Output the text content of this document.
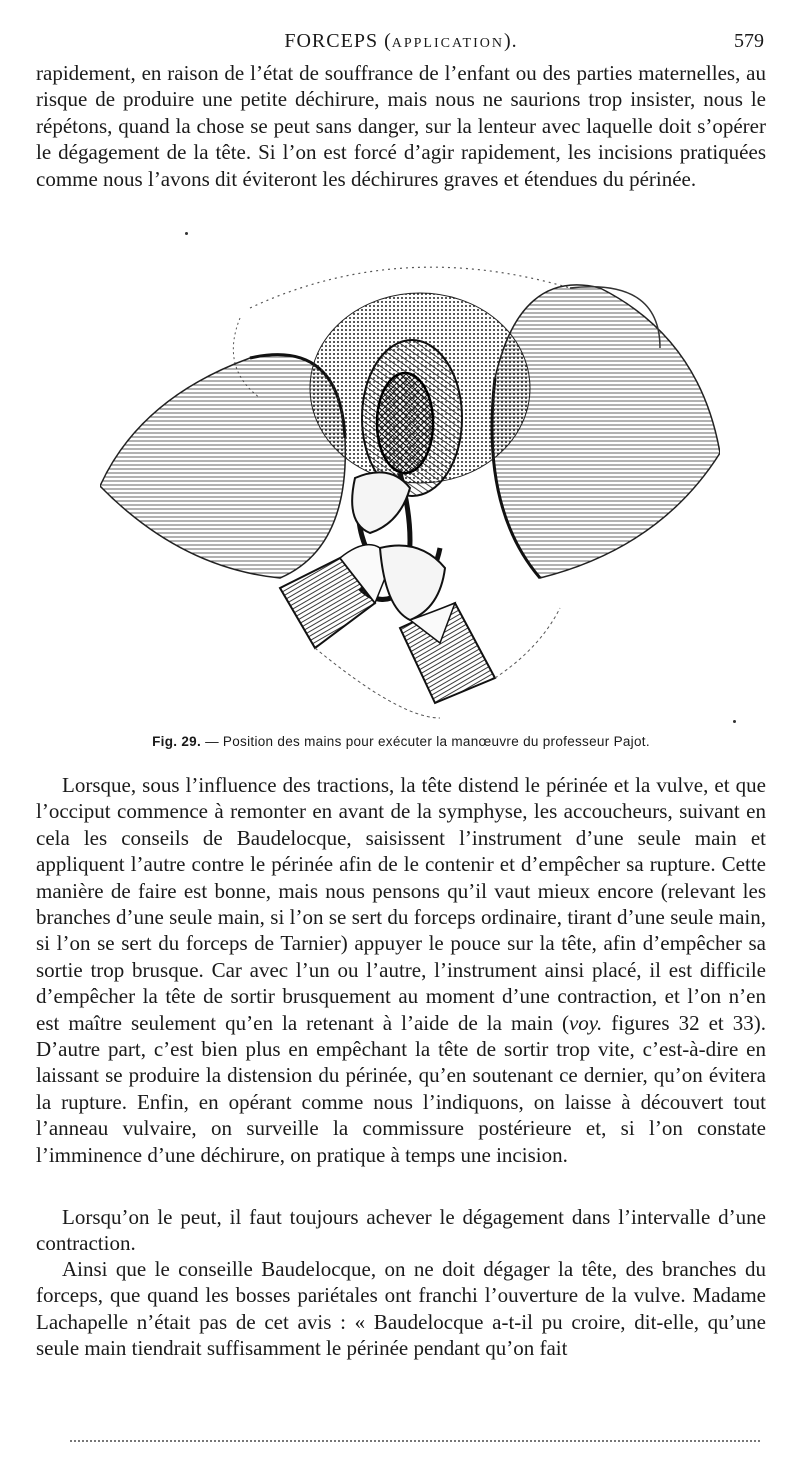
FORCEPS (APPLICATION).	579

rapidement, en raison de l’état de souffrance de l’enfant ou des parties maternelles, au risque de produire une petite déchirure, mais nous ne saurions trop insister, nous le répétons, quand la chose se peut sans danger, sur la lenteur avec laquelle doit s’opérer le dégagement de la tête. Si l’on est forcé d’agir rapidement, les incisions pratiquées comme nous l’avons dit éviteront les déchirures graves et étendues du périnée.

Fig. 29. — Position des mains pour exécuter la manœuvre du professeur Pajot.

Lorsque, sous l’influence des tractions, la tête distend le périnée et la vulve, et que l’occiput commence à remonter en avant de la symphyse, les accoucheurs, suivant en cela les conseils de Baudelocque, saisissent l’instrument d’une seule main et appliquent l’autre contre le périnée afin de le contenir et d’empêcher sa rupture. Cette manière de faire est bonne, mais nous pensons qu’il vaut mieux encore (relevant les branches d’une seule main, si l’on se sert du forceps ordinaire, tirant d’une seule main, si l’on se sert du forceps de Tarnier) appuyer le pouce sur la tête, afin d’empêcher sa sortie trop brusque. Car avec l’un ou l’autre, l’instrument ainsi placé, il est difficile d’empêcher la tête de sortir brusquement au moment d’une contraction, et l’on n’en est maître seulement qu’en la retenant à l’aide de la main (voy. figures 32 et 33). D’autre part, c’est bien plus en empêchant la tête de sortir trop vite, c’est-à-dire en laissant se produire la distension du périnée, qu’en soutenant ce dernier, qu’on évitera la rupture. Enfin, en opérant comme nous l’indiquons, on laisse à découvert tout l’anneau vulvaire, on surveille la commissure postérieure et, si l’on constate l’imminence d’une déchirure, on pratique à temps une incision.

Lorsqu’on le peut, il faut toujours achever le dégagement dans l’intervalle d’une contraction.

Ainsi que le conseille Baudelocque, on ne doit dégager la tête, des branches du forceps, que quand les bosses pariétales ont franchi l’ouverture de la vulve. Madame Lachapelle n’était pas de cet avis : « Baudelocque a-t-il pu croire, dit-elle, qu’une seule main tiendrait suffisamment le périnée pendant qu’on fait
